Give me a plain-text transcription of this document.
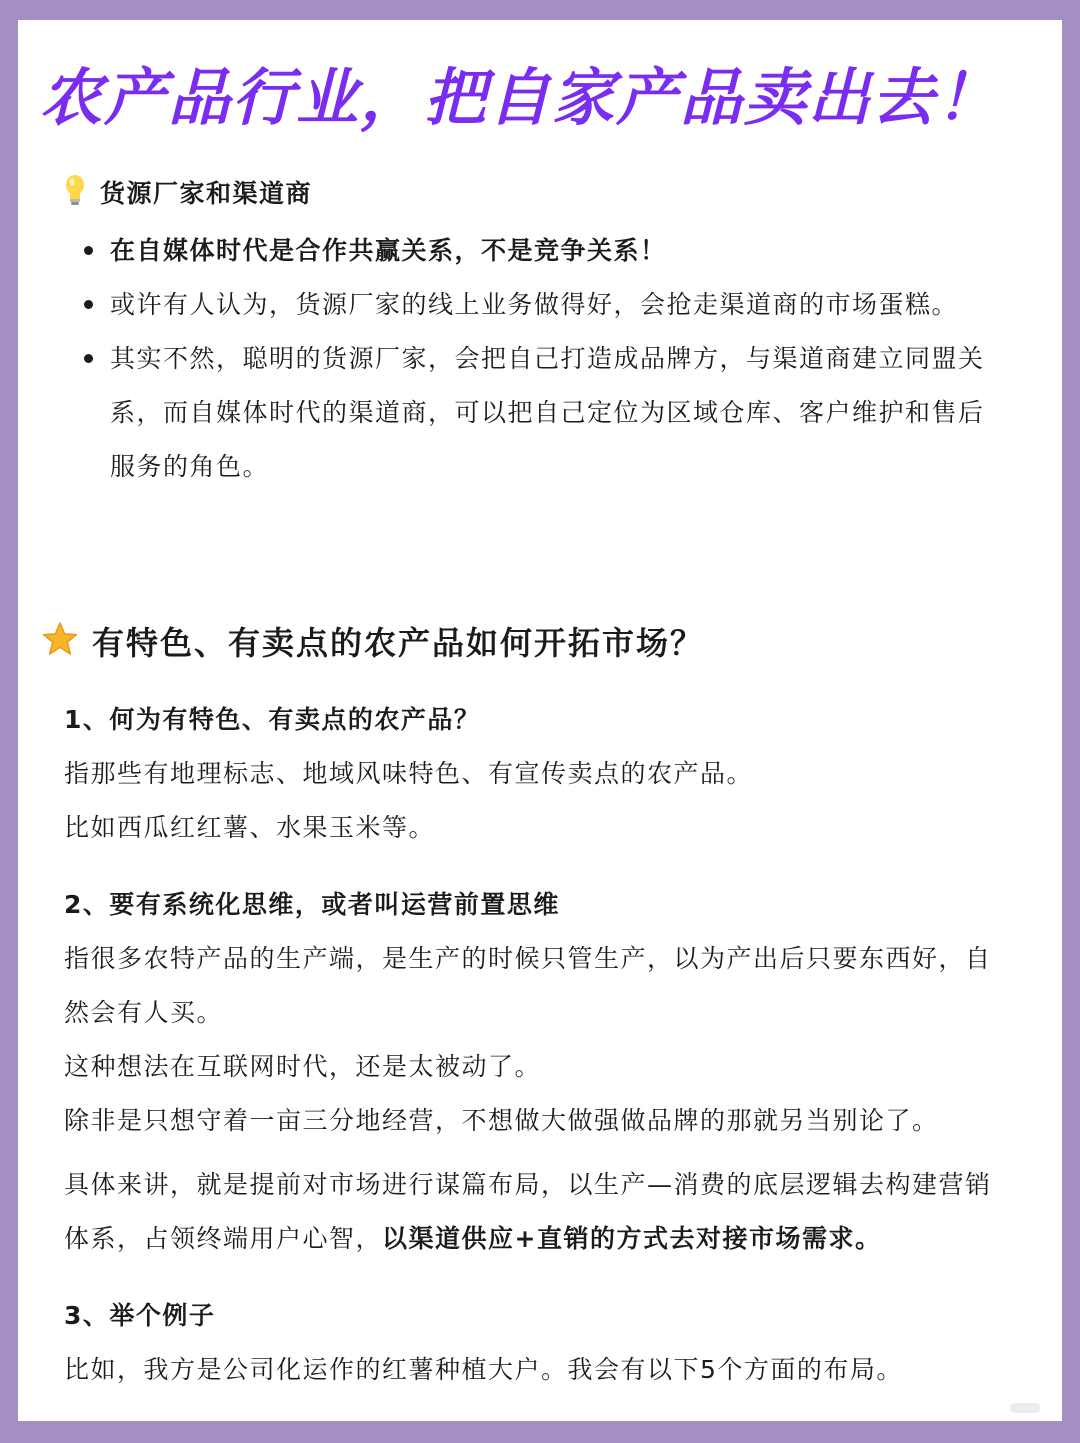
农产品行业，把自家产品卖出去！
货源厂家和渠道商
在自媒体时代是合作共赢关系，不是竞争关系！
或许有人认为，货源厂家的线上业务做得好，会抢走渠道商的市场蛋糕。
其实不然，聪明的货源厂家，会把自己打造成品牌方，与渠道商建立同盟关系，而自媒体时代的渠道商，可以把自己定位为区域仓库、客户维护和售后服务的角色。
有特色、有卖点的农产品如何开拓市场？
1、何为有特色、有卖点的农产品？

指那些有地理标志、地域风味特色、有宣传卖点的农产品。

比如西瓜红红薯、水果玉米等。

2、要有系统化思维，或者叫运营前置思维

指很多农特产品的生产端，是生产的时候只管生产，以为产出后只要东西好，自然会有人买。

这种想法在互联网时代，还是太被动了。

除非是只想守着一亩三分地经营，不想做大做强做品牌的那就另当别论了。

具体来讲，就是提前对市场进行谋篇布局，以生产—消费的底层逻辑去构建营销体系，占领终端用户心智，以渠道供应+直销的方式去对接市场需求。

3、举个例子

比如，我方是公司化运作的红薯种植大户。我会有以下5个方面的布局。
